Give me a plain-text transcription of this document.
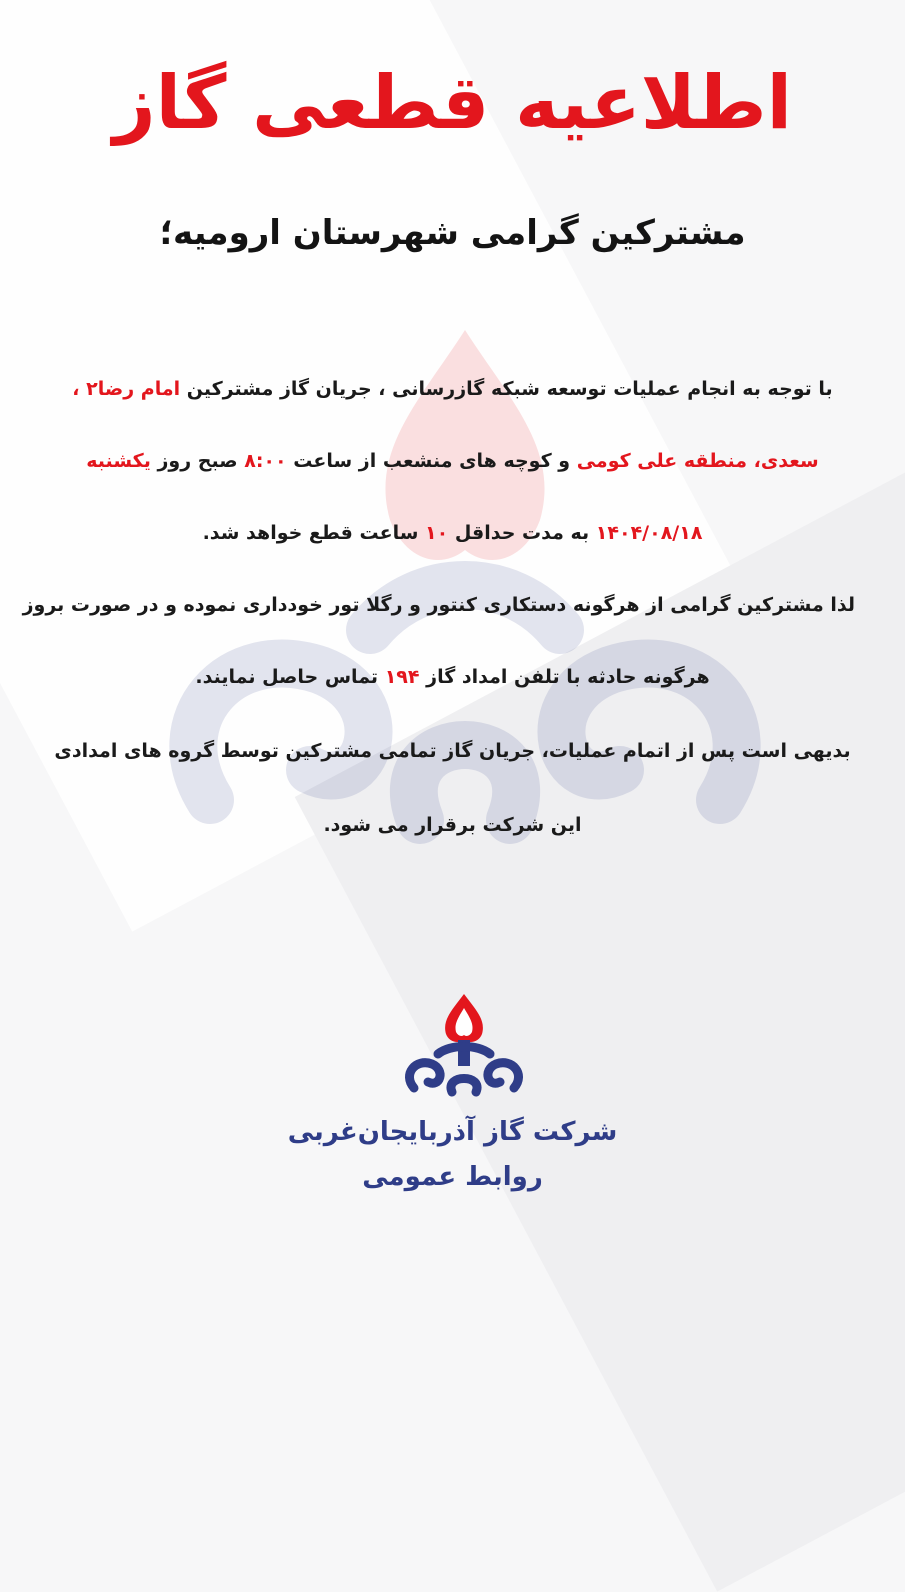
اطلاعیه قطعی گاز
مشترکین گرامی شهرستان ارومیه؛
با توجه به انجام عملیات توسعه شبکه گازرسانی ، جریان گاز مشترکین امام رضا۲ ،
سعدی، منطقه علی کومی و کوچه های منشعب از ساعت ۸:۰۰ صبح روز یکشنبه
۱۴۰۴/۰۸/۱۸ به مدت حداقل ۱۰ ساعت قطع خواهد شد.
لذا مشترکین گرامی از هرگونه دستکاری کنتور و رگلا تور خودداری نموده و در صورت بروز
هرگونه حادثه با تلفن امداد گاز ۱۹۴ تماس حاصل نمایند.
بدیهی است پس از اتمام عملیات، جریان گاز تمامی مشترکین توسط گروه های امدادی
این شرکت برقرار می شود.
شرکت گاز آذربایجان‌غربی
روابط عمومی
